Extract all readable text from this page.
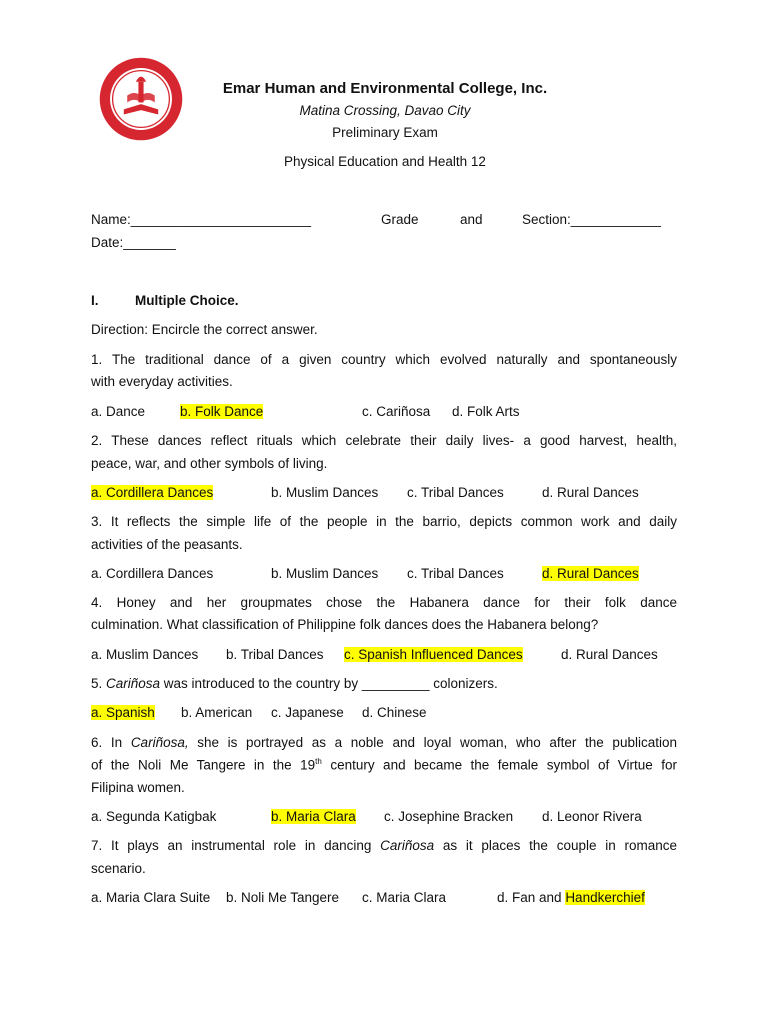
Emar Human and Environmental College, Inc.
Matina Crossing, Davao City
Preliminary Exam
Physical Education and Health 12
Name:________________________	Grade	and	Section:____________
Date:_______
I.	Multiple Choice.
Direction: Encircle the correct answer.
1. The traditional dance of a given country which evolved naturally and spontaneously
with everyday activities.
a. Dance	b. Folk Dance	c. Cariñosa d. Folk Arts
2. These dances reflect rituals which celebrate their daily lives- a good harvest, health,
peace, war, and other symbols of living.
a. Cordillera Dances	b. Muslim Dances c. Tribal Dances	d. Rural Dances
3. It reflects the simple life of the people in the barrio, depicts common work and daily
activities of the peasants.
a. Cordillera Dances	b. Muslim Dances c. Tribal Dances	d. Rural Dances
4. Honey and her groupmates chose the Habanera dance for their folk dance
culmination. What classification of Philippine folk dances does the Habanera belong?
a. Muslim Dances b. Tribal Dances c. Spanish Influenced Dances	d. Rural Dances
5. Cariñosa was introduced to the country by _________ colonizers.
a. Spanish b. American c. Japanese d. Chinese
6. In Cariñosa, she is portrayed as a noble and loyal woman, who after the publication
of the Noli Me Tangere in the 19th century and became the female symbol of Virtue for
Filipina women.
a. Segunda Katigbak	b. Maria Clara c. Josephine Bracken d. Leonor Rivera
7. It plays an instrumental role in dancing Cariñosa as it places the couple in romance
scenario.
a. Maria Clara Suite b. Noli Me Tangere c. Maria Clara	d. Fan and Handkerchief
